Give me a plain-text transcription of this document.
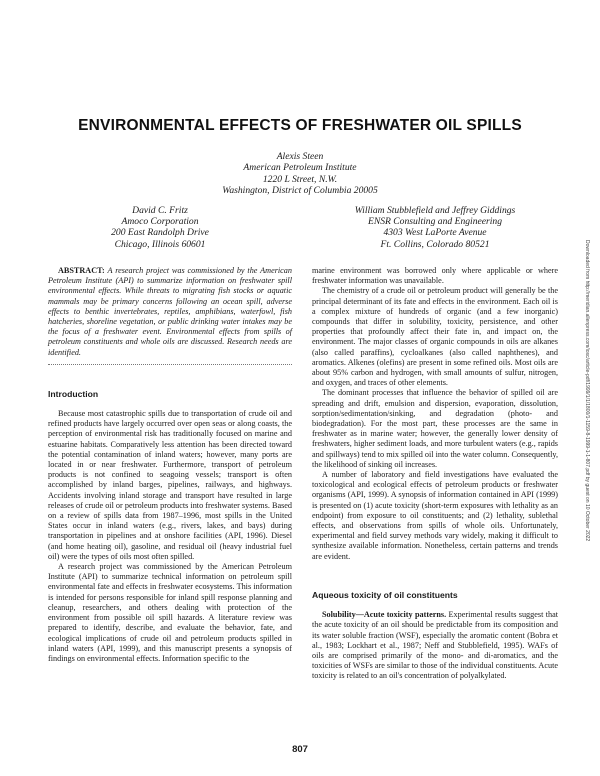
ENVIRONMENTAL EFFECTS OF FRESHWATER OIL SPILLS
Alexis Steen
American Petroleum Institute
1220 L Street, N.W.
Washington, District of Columbia 20005
David C. Fritz
Amoco Corporation
200 East Randolph Drive
Chicago, Illinois 60601
William Stubblefield and Jeffrey Giddings
ENSR Consulting and Engineering
4303 West LaPorte Avenue
Ft. Collins, Colorado 80521	Downloaded from http://meridian.allenpress.com/iosc/article-pdf/1999/1/1/1800/1-1159-8-1999-1-1-807.pdf by guest on 10 October 2022

ABSTRACT: A research project was commissioned by the American Petroleum Institute (API) to summarize information on freshwater spill environmental effects. While threats to migrating fish stocks or aquatic mammals may be primary concerns following an ocean spill, adverse effects to benthic invertebrates, reptiles, amphibians, waterfowl, fish hatcheries, shoreline vegetation, or public drinking water intakes may be the focus of a freshwater event. Environmental effects from spills of petroleum constituents and whole oils are discussed. Research needs are identified.

Introduction

Because most catastrophic spills due to transportation of crude oil and refined products have largely occurred over open seas or along coasts, the perception of environmental risk has traditionally focused on marine and estuarine habitats. Comparatively less attention has been directed toward the potential contamination of inland waters; however, many ports are located in or near freshwater. Furthermore, transport of petroleum products is not confined to seagoing vessels; transport is often accomplished by inland barges, pipelines, railways, and highways. Accidents involving inland storage and transport have resulted in large releases of crude oil or petroleum products into freshwater systems. Based on a review of spills data from 1987–1996, most spills in the United States occur in inland waters (e.g., rivers, lakes, and bays) during transportation in pipelines and at onshore facilities (API, 1996). Diesel (and home heating oil), gasoline, and residual oil (heavy industrial fuel oil) were the types of oils most often spilled.

A research project was commissioned by the American Petroleum Institute (API) to summarize technical information on petroleum spill environmental fate and effects in freshwater ecosystems. This information is intended for persons responsible for inland spill response planning and cleanup, researchers, and others dealing with protection of the environment from possible oil spill hazards. A literature review was prepared to identify, describe, and evaluate the behavior, fate, and ecological implications of crude oil and petroleum products spilled in inland waters (API, 1999), and this manuscript presents a synopsis of findings on environmental effects. Information specific to the

marine environment was borrowed only where applicable or where freshwater information was unavailable.

The chemistry of a crude oil or petroleum product will generally be the principal determinant of its fate and effects in the environment. Each oil is a complex mixture of hundreds of organic (and a few inorganic) compounds that differ in solubility, toxicity, persistence, and other properties that profoundly affect their fate in, and impact on, the environment. The major classes of organic compounds in oils are alkanes (also called paraffins), cycloalkanes (also called naphthenes), and aromatics. Alkenes (olefins) are present in some refined oils. Most oils are about 95% carbon and hydrogen, with small amounts of sulfur, nitrogen, and oxygen, and traces of other elements.

The dominant processes that influence the behavior of spilled oil are spreading and drift, emulsion and dispersion, evaporation, dissolution, sorption/sedimentation/sinking, and degradation (photo- and biodegradation). For the most part, these processes are the same in freshwater as in marine water; however, the generally lower density of freshwaters, higher sediment loads, and more turbulent waters (e.g., rapids and spillways) tend to mix spilled oil into the water column. Consequently, the likelihood of sinking oil increases.

A number of laboratory and field investigations have evaluated the toxicological and ecological effects of petroleum products or freshwater organisms (API, 1999). A synopsis of information contained in API (1999) is presented on (1) acute toxicity (short-term exposures with lethality as an endpoint) from exposure to oil constituents; and (2) lethality, sublethal effects, and observations from spills of whole oils. Unfortunately, experimental and field survey methods vary widely, making it difficult to synthesize available information. Nonetheless, certain patterns and trends are evident.

Aqueous toxicity of oil constituents

Solubility—Acute toxicity patterns. Experimental results suggest that the acute toxicity of an oil should be predictable from its composition and its water soluble fraction (WSF), especially the aromatic content (Bobra et al., 1983; Lockhart et al., 1987; Neff and Stubblefield, 1995). WAFs of oils are comprised primarily of the mono- and di-aromatics, and the toxicities of WSFs are similar to those of the individual constituents. Acute toxicity is related to an oil's concentration of polyalkylated.

807
